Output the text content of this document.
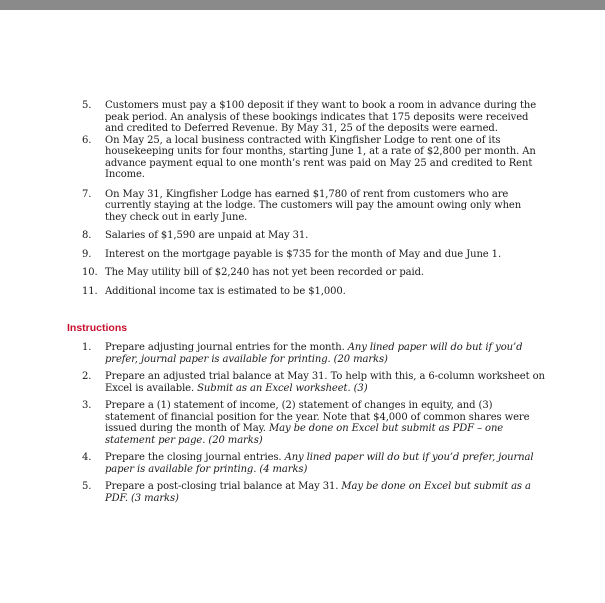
5.	Customers must pay a $100 deposit if they want to book a room in advance during the peak period. An analysis of these bookings indicates that 175 deposits were received and credited to Deferred Revenue. By May 31, 25 of the deposits were earned.
6.	On May 25, a local business contracted with Kingfisher Lodge to rent one of its housekeeping units for four months, starting June 1, at a rate of $2,800 per month. An advance payment equal to one month’s rent was paid on May 25 and credited to Rent Income.
7.	On May 31, Kingfisher Lodge has earned $1,780 of rent from customers who are currently staying at the lodge. The customers will pay the amount owing only when they check out in early June.
8.	Salaries of $1,590 are unpaid at May 31.
9.	Interest on the mortgage payable is $735 for the month of May and due June 1.
10. The May utility bill of $2,240 has not yet been recorded or paid.
11. Additional income tax is estimated to be $1,000.
Instructions
1.	Prepare adjusting journal entries for the month. Any lined paper will do but if you’d prefer, journal paper is available for printing. (20 marks)
2.	Prepare an adjusted trial balance at May 31. To help with this, a 6-column worksheet on Excel is available. Submit as an Excel worksheet. (3)
3.	Prepare a (1) statement of income, (2) statement of changes in equity, and (3) statement of financial position for the year. Note that $4,000 of common shares were issued during the month of May. May be done on Excel but submit as PDF – one statement per page. (20 marks)
4.	Prepare the closing journal entries. Any lined paper will do but if you’d prefer, journal paper is available for printing. (4 marks)
5.	Prepare a post-closing trial balance at May 31. May be done on Excel but submit as a PDF. (3 marks)
